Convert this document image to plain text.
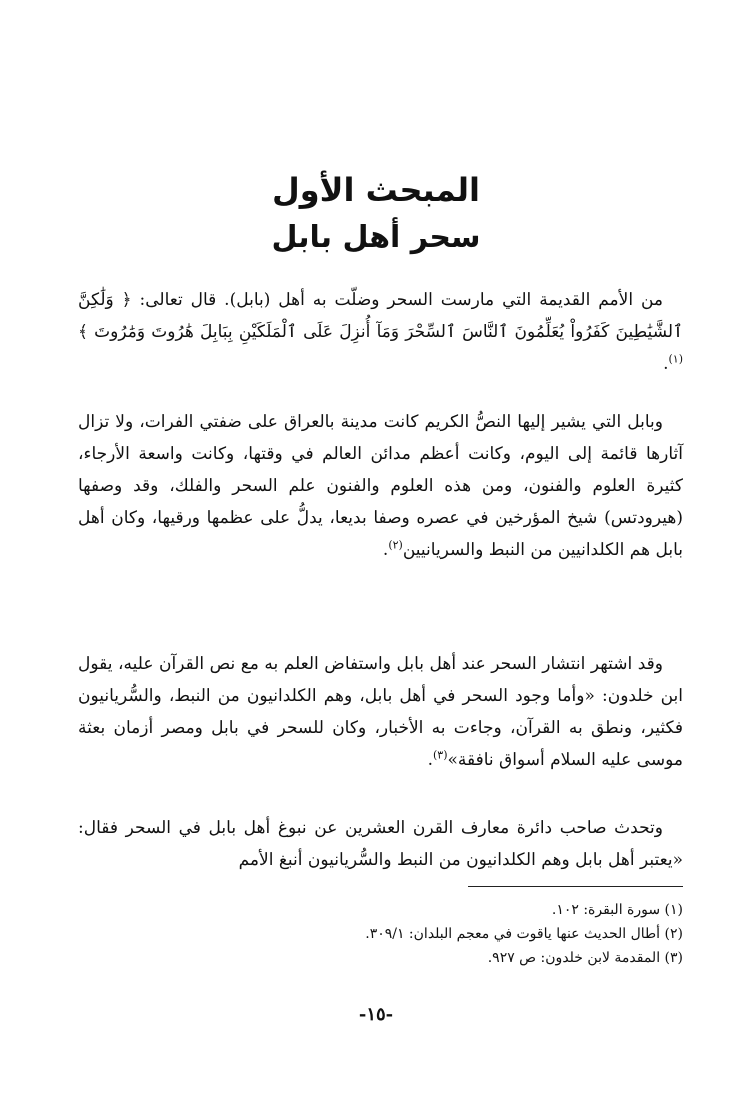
المبحث الأول
سحر أهل بابل

من الأمم القديمة التي مارست السحر وضلّت به أهل (بابل). قال تعالى: ﴿ وَلَٰكِنَّ ٱلشَّيَٰطِينَ كَفَرُواْ يُعَلِّمُونَ ٱلنَّاسَ ٱلسِّحْرَ وَمَآ أُنزِلَ عَلَى ٱلْمَلَكَيْنِ بِبَابِلَ هَٰرُوتَ وَمَٰرُوتَ ﴾$^{(١)}$.

وبابل التي يشير إليها النصُّ الكريم كانت مدينة بالعراق على ضفتي الفرات، ولا تزال آثارها قائمة إلى اليوم، وكانت أعظم مدائن العالم في وقتها، وكانت واسعة الأرجاء، كثيرة العلوم والفنون، ومن هذه العلوم والفنون علم السحر والفلك، وقد وصفها (هيرودتس) شيخ المؤرخين في عصره وصفا بديعا، يدلُّ على عظمها ورقيها، وكان أهل بابل هم الكلدانيين من النبط والسريانيين$^{(٢)}$.

وقد اشتهر انتشار السحر عند أهل بابل واستفاض العلم به مع نص القرآن عليه، يقول ابن خلدون: «وأما وجود السحر في أهل بابل، وهم الكلدانيون من النبط، والسُّريانيون فكثير، ونطق به القرآن، وجاءت به الأخبار، وكان للسحر في بابل ومصر أزمان بعثة موسى عليه السلام أسواق نافقة»$^{(٣)}$.

وتحدث صاحب دائرة معارف القرن العشرين عن نبوغ أهل بابل في السحر فقال: «يعتبر أهل بابل وهم الكلدانيون من النبط والسُّريانيون أنبغ الأمم

(١) سورة البقرة: ١٠٢.
(٢) أطال الحديث عنها ياقوت في معجم البلدان: ٣٠٩/١.
(٣) المقدمة لابن خلدون: ص ٩٢٧.
-١٥-
